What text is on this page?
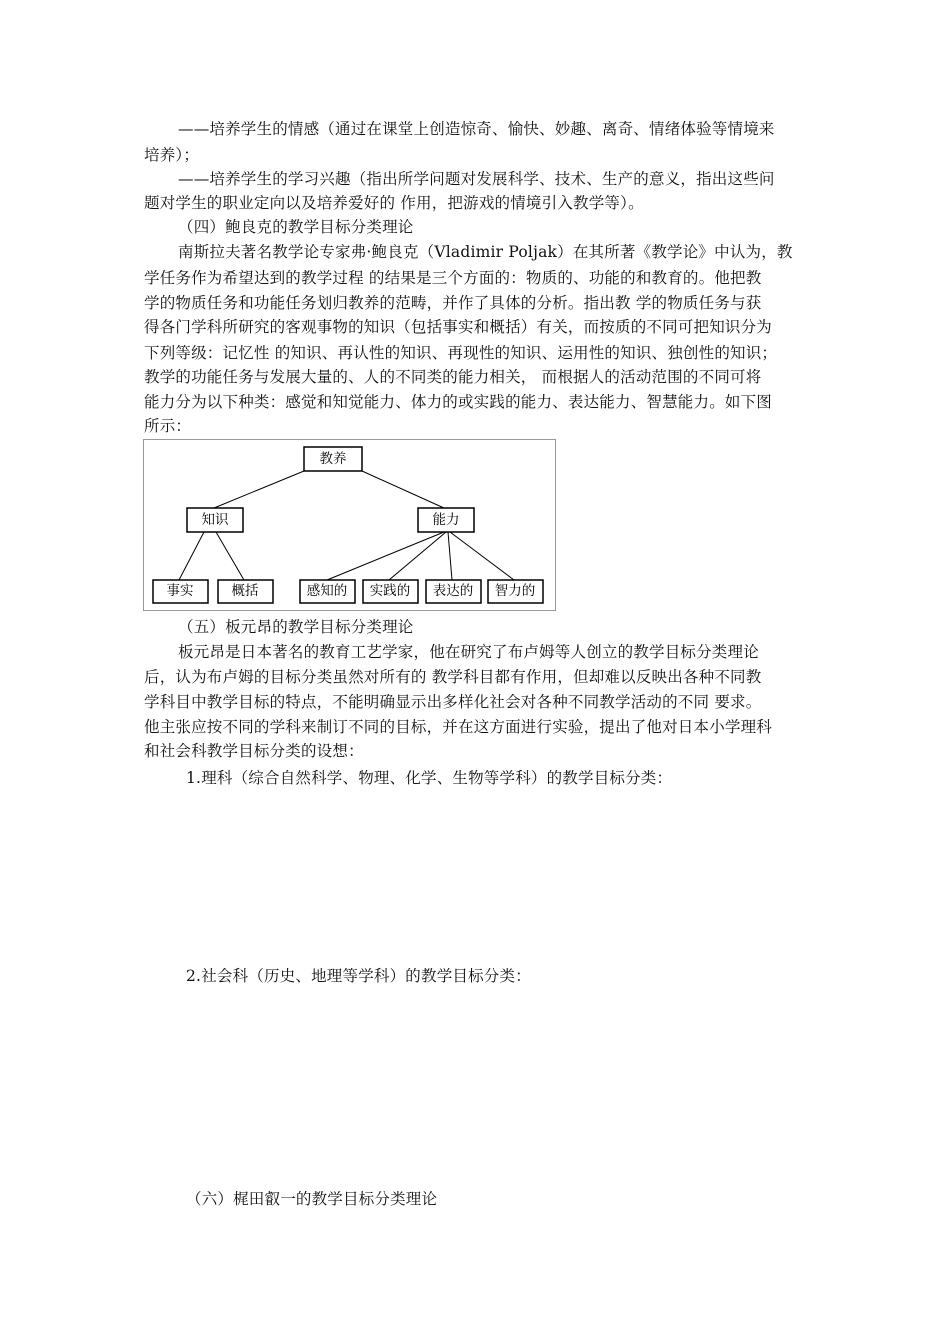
——培养学生的情感（通过在课堂上创造惊奇、愉快、妙趣、离奇、情绪体验等情境来
培养）；
——培养学生的学习兴趣（指出所学问题对发展科学、技术、生产的意义，指出这些问
题对学生的职业定向以及培养爱好的 作用，把游戏的情境引入教学等）。
（四）鲍良克的教学目标分类理论
南斯拉夫著名教学论专家弗·鲍良克（Vladimir Poljak）在其所著《教学论》中认为，教
学任务作为希望达到的教学过程 的结果是三个方面的：物质的、功能的和教育的。他把教
学的物质任务和功能任务划归教养的范畴，并作了具体的分析。指出教 学的物质任务与获
得各门学科所研究的客观事物的知识（包括事实和概括）有关，而按质的不同可把知识分为
下列等级：记忆性 的知识、再认性的知识、再现性的知识、运用性的知识、独创性的知识；
教学的功能任务与发展大量的、人的不同类的能力相关， 而根据人的活动范围的不同可将
能力分为以下种类：感觉和知觉能力、体力的或实践的能力、表达能力、智慧能力。如下图
所示：
教养
知识	能力
事实	概括	感知的 实践的 表达的 智力的
（五）板元昂的教学目标分类理论
板元昂是日本著名的教育工艺学家，他在研究了布卢姆等人创立的教学目标分类理论
后，认为布卢姆的目标分类虽然对所有的 教学科目都有作用，但却难以反映出各种不同教
学科目中教学目标的特点，不能明确显示出多样化社会对各种不同教学活动的不同 要求。
他主张应按不同的学科来制订不同的目标，并在这方面进行实验，提出了他对日本小学理科
和社会科教学目标分类的设想：
1.理科（综合自然科学、物理、化学、生物等学科）的教学目标分类：
2.社会科（历史、地理等学科）的教学目标分类：
（六）梶田叡一的教学目标分类理论
